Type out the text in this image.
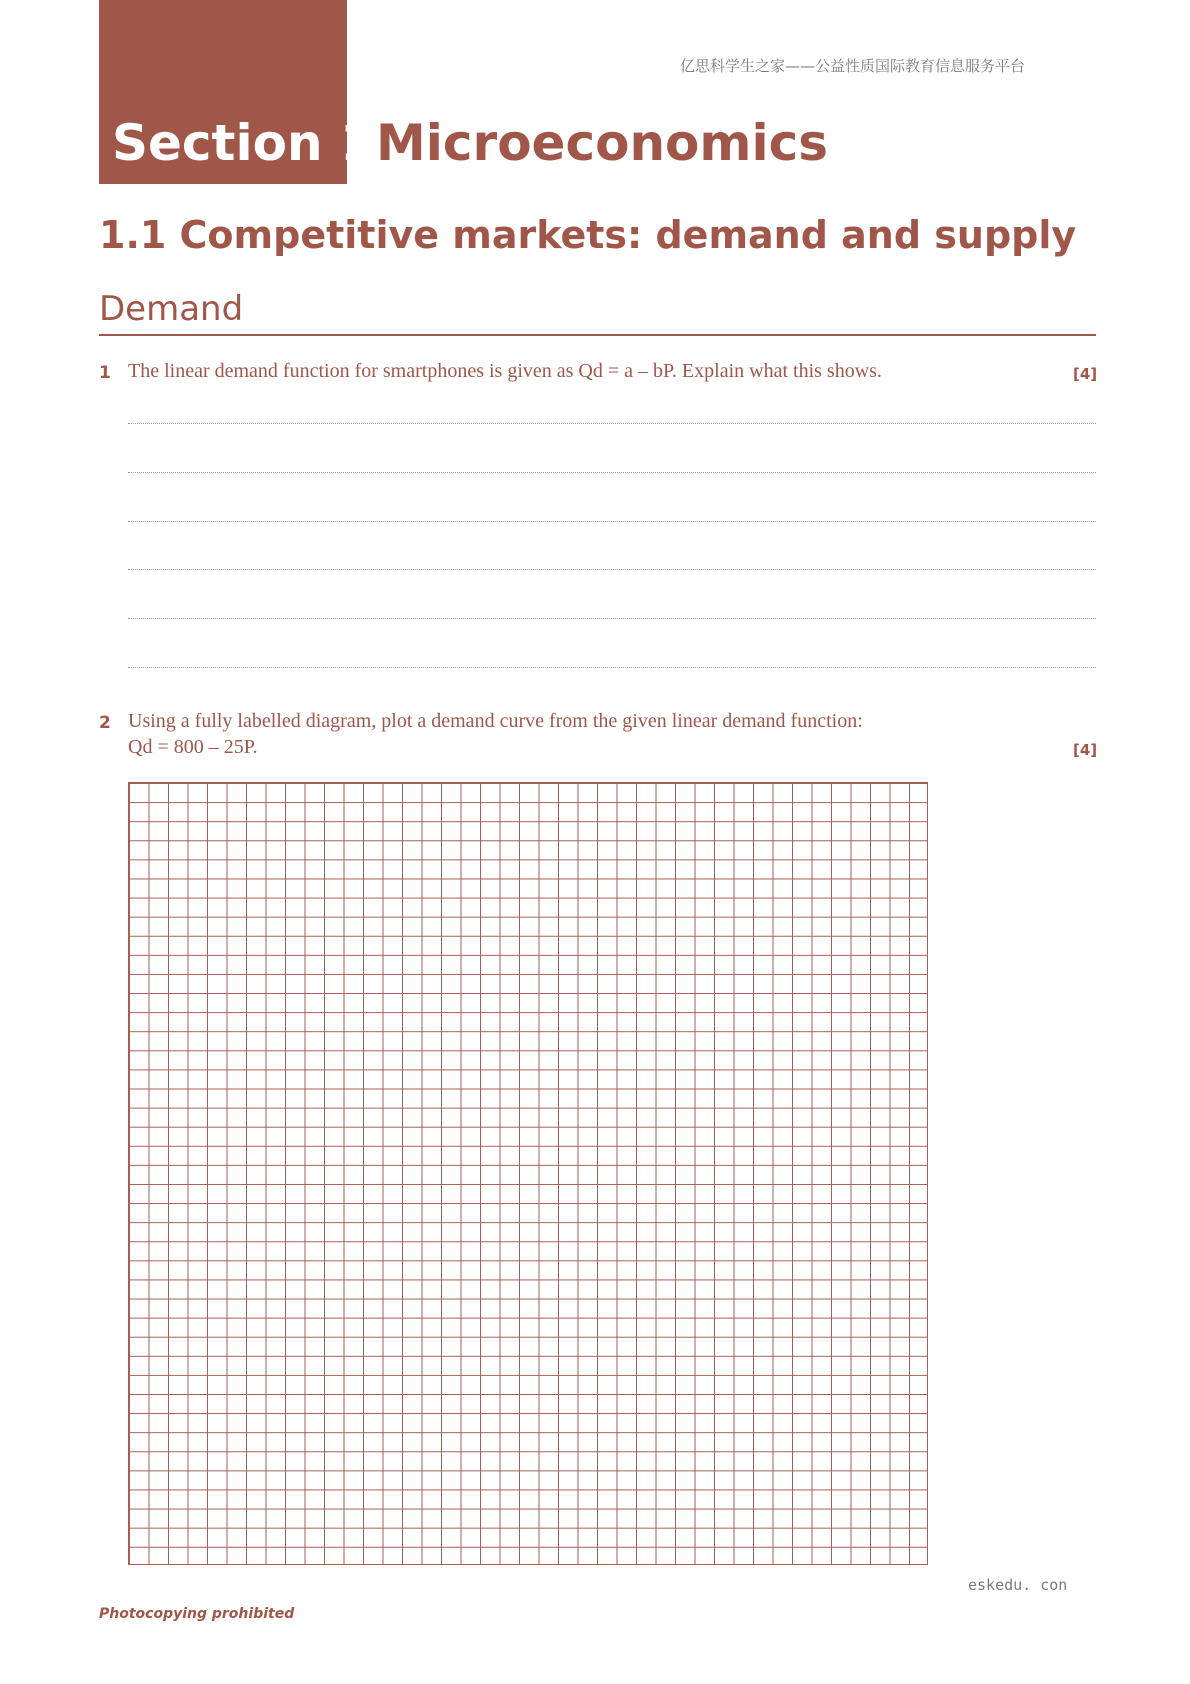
Section 1
亿思科学生之家——公益性质国际教育信息服务平台
Microeconomics
1.1 Competitive markets: demand and supply
Demand
1 The linear demand function for smartphones is given as Qd = a – bP. Explain what this shows.	[4]
2 Using a fully labelled diagram, plot a demand curve from the given linear demand function:
Qd = 800 – 25P.	[4]
eskedu. con
Photocopying prohibited
